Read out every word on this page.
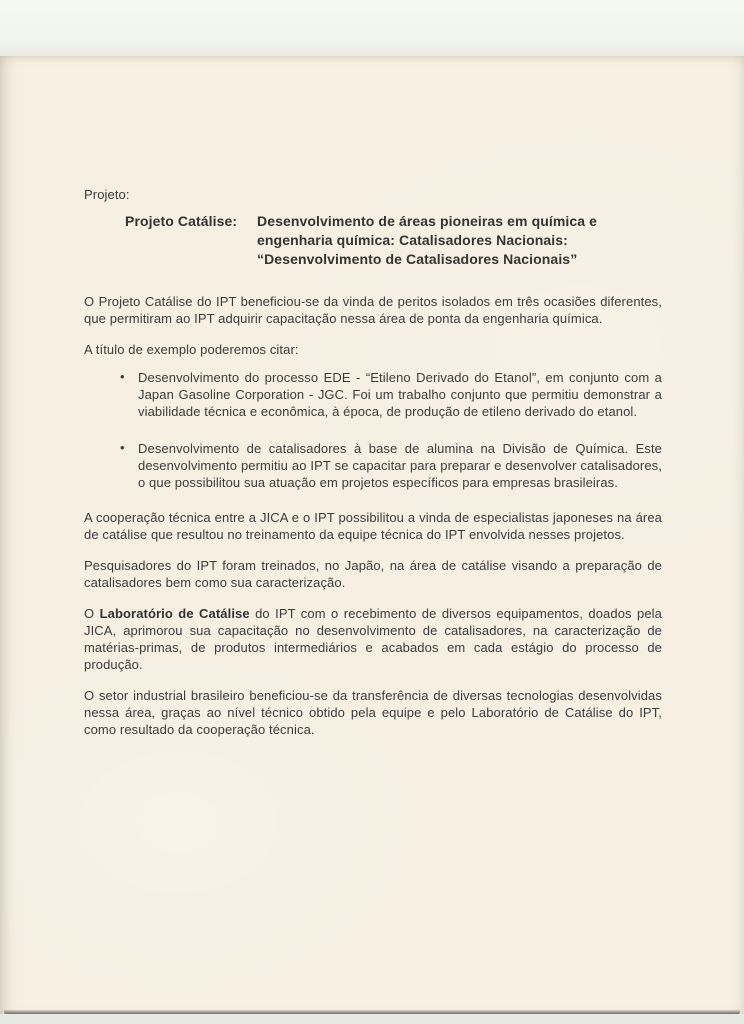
Projeto:
Projeto Catálise:	Desenvolvimento de áreas pioneiras em química e
engenharia química: Catalisadores Nacionais:
“Desenvolvimento de Catalisadores Nacionais”

O Projeto Catálise do IPT beneficiou-se da vinda de peritos isolados em três ocasiões diferentes, que permitiram ao IPT adquirir capacitação nessa área de ponta da engenharia química.

A título de exemplo poderemos citar:

• Desenvolvimento do processo EDE - “Etileno Derivado do Etanol”, em conjunto com a Japan Gasoline Corporation - JGC. Foi um trabalho conjunto que permitiu demonstrar a viabilidade técnica e econômica, à época, de produção de etileno derivado do etanol.
• Desenvolvimento de catalisadores à base de alumina na Divisão de Química. Este desenvolvimento permitiu ao IPT se capacitar para preparar e desenvolver catalisadores, o que possibilitou sua atuação em projetos específicos para empresas brasileiras.

A cooperação técnica entre a JICA e o IPT possibilitou a vinda de especialistas japoneses na área de catálise que resultou no treinamento da equipe técnica do IPT envolvida nesses projetos.

Pesquisadores do IPT foram treinados, no Japão, na área de catálise visando a preparação de catalisadores bem como sua caracterização.

O Laboratório de Catálise do IPT com o recebimento de diversos equipamentos, doados pela JICA, aprimorou sua capacitação no desenvolvimento de catalisadores, na caracterização de matérias-primas, de produtos intermediários e acabados em cada estágio do processo de produção.

O setor industrial brasileiro beneficiou-se da transferência de diversas tecnologias desenvolvidas nessa área, graças ao nível técnico obtido pela equipe e pelo Laboratório de Catálise do IPT, como resultado da cooperação técnica.
